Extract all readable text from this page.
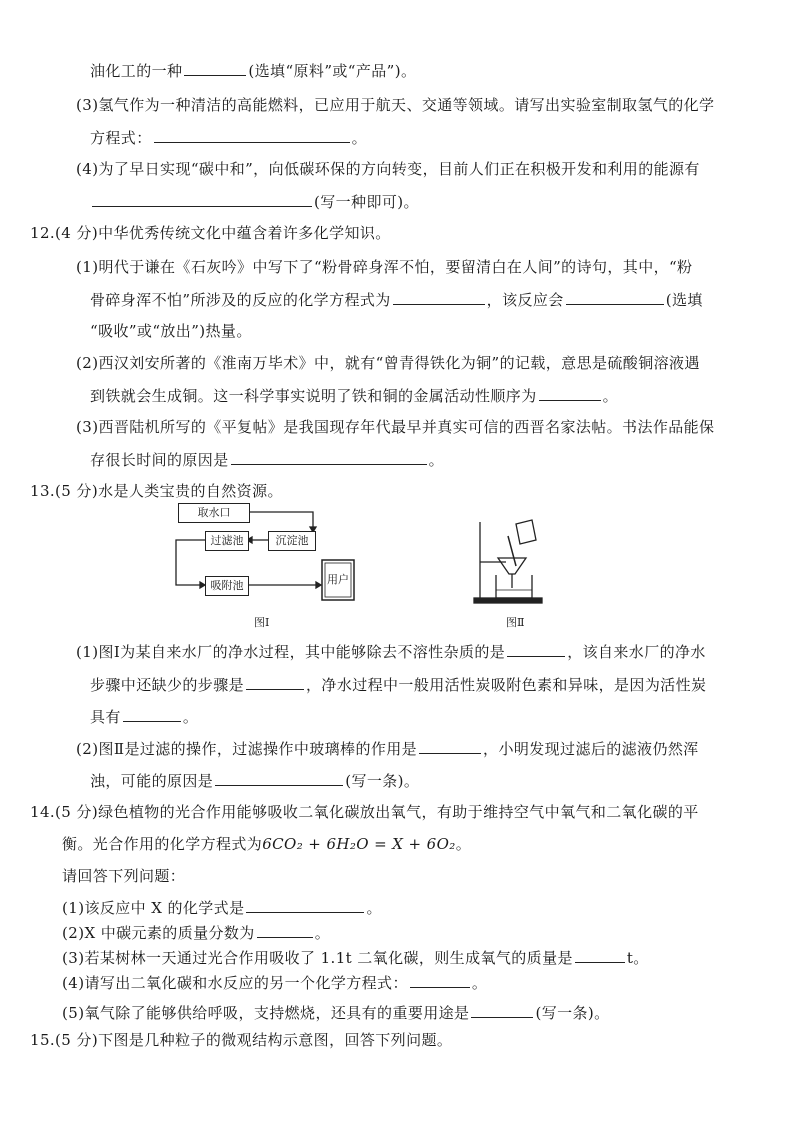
油化工的一种	(选填“原料”或“产品”)。
(3)氢气作为一种清洁的高能燃料，已应用于航天、交通等领域。请写出实验室制取氢气的化学
方程式：	。
(4)为了早日实现“碳中和”，向低碳环保的方向转变，目前人们正在积极开发和利用的能源有
(写一种即可)。
12.(4 分)中华优秀传统文化中蕴含着许多化学知识。
(1)明代于谦在《石灰吟》中写下了“粉骨碎身浑不怕，要留清白在人间”的诗句，其中，“粉
骨碎身浑不怕”所涉及的反应的化学方程式为	，该反应会	(选填
“吸收”或“放出”)热量。
(2)西汉刘安所著的《淮南万毕术》中，就有“曾青得铁化为铜”的记载，意思是硫酸铜溶液遇
到铁就会生成铜。这一科学事实说明了铁和铜的金属活动性顺序为	。
(3)西晋陆机所写的《平复帖》是我国现存年代最早并真实可信的西晋名家法帖。书法作品能保
存很长时间的原因是	。
13.(5 分)水是人类宝贵的自然资源。
取水口
沉淀池
过滤池
吸附池	用户
图Ⅰ	图Ⅱ
(1)图Ⅰ为某自来水厂的净水过程，其中能够除去不溶性杂质的是	，该自来水厂的净水
步骤中还缺少的步骤是	，净水过程中一般用活性炭吸附色素和异味，是因为活性炭
具有	。
(2)图Ⅱ是过滤的操作，过滤操作中玻璃棒的作用是	，小明发现过滤后的滤液仍然浑
浊，可能的原因是	(写一条)。
14.(5 分)绿色植物的光合作用能够吸收二氧化碳放出氧气，有助于维持空气中氧气和二氧化碳的平
衡。光合作用的化学方程式为6CO₂ + 6H₂O = X + 6O₂。
请回答下列问题：
(1)该反应中 X 的化学式是	。
(2)X 中碳元素的质量分数为	。
(3)若某树林一天通过光合作用吸收了 1.1t 二氧化碳，则生成氧气的质量是	t。
(4)请写出二氧化碳和水反应的另一个化学方程式：	。
(5)氧气除了能够供给呼吸，支持燃烧，还具有的重要用途是	(写一条)。
15.(5 分)下图是几种粒子的微观结构示意图，回答下列问题。
